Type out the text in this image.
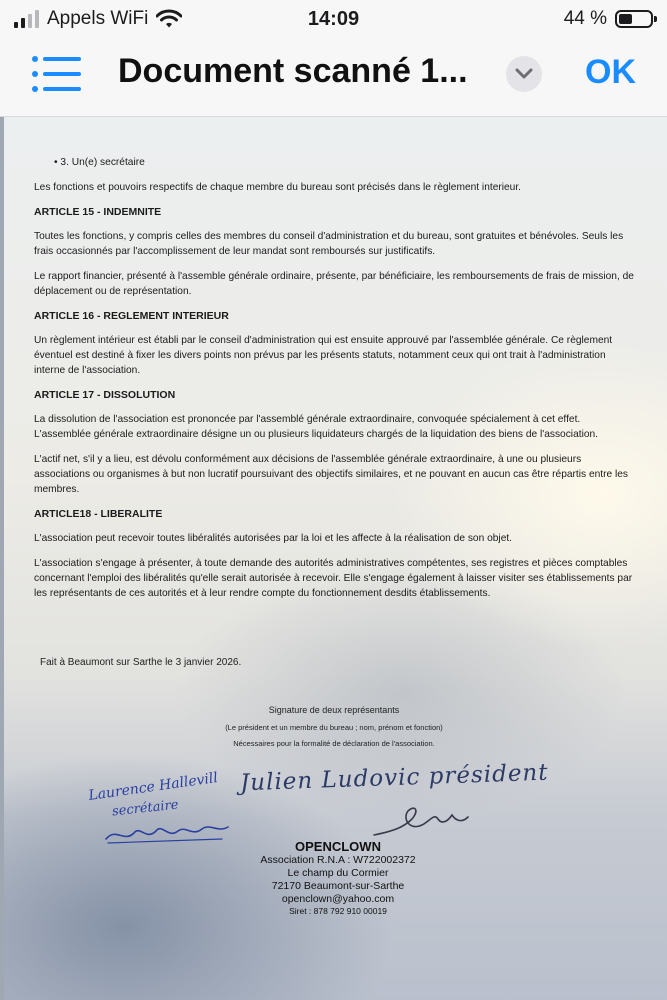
Appels WiFi	14:09	44 %
Document scanné 1...	OK

• 3. Un(e) secrétaire

Les fonctions et pouvoirs respectifs de chaque membre du bureau sont précisés dans le règlement interieur.

ARTICLE 15 - INDEMNITE

Toutes les fonctions, y compris celles des membres du conseil d'administration et du bureau, sont gratuites et bénévoles. Seuls les frais occasionnés par l'accomplissement de leur mandat sont remboursés sur justificatifs.

Le rapport financier, présenté à l'assemble générale ordinaire, présente, par bénéficiaire, les remboursements de frais de mission, de déplacement ou de représentation.

ARTICLE 16 - REGLEMENT INTERIEUR

Un règlement intérieur est établi par le conseil d'administration qui est ensuite approuvé par l'assemblée générale. Ce règlement éventuel est destiné à fixer les divers points non prévus par les présents statuts, notamment ceux qui ont trait à l'administration interne de l'association.

ARTICLE 17 - DISSOLUTION

La dissolution de l'association est prononcée par l'assemblé générale extraordinaire, convoquée spécialement à cet effet. L'assemblée générale extraordinaire désigne un ou plusieurs liquidateurs chargés de la liquidation des biens de l'association.

L'actif net, s'il y a lieu, est dévolu conformément aux décisions de l'assemblée générale extraordinaire, à une ou plusieurs associations ou organismes à but non lucratif poursuivant des objectifs similaires, et ne pouvant en aucun cas être répartis entre les membres.

ARTICLE18 - LIBERALITE

L'association peut recevoir toutes libéralités autorisées par la loi et les affecte à la réalisation de son objet.

L'association s'engage à présenter, à toute demande des autorités administratives compétentes, ses registres et pièces comptables concernant l'emploi des libéralités qu'elle serait autorisée à recevoir. Elle s'engage également à laisser visiter ses établissements par les représentants de ces autorités et à leur rendre compte du fonctionnement desdits établissements.

Fait à Beaumont sur Sarthe le 3 janvier 2026.
Signature de deux représentants
(Le président et un membre du bureau ; nom, prénom et fonction)
Nécessaires pour la formalité de déclaration de l'association.
Julien Ludovic président
Laurence Hallevill
secrétaire
OPENCLOWN
Association R.N.A : W722002372
Le champ du Cormier
72170 Beaumont-sur-Sarthe
openclown@yahoo.com
Siret : 878 792 910 00019
